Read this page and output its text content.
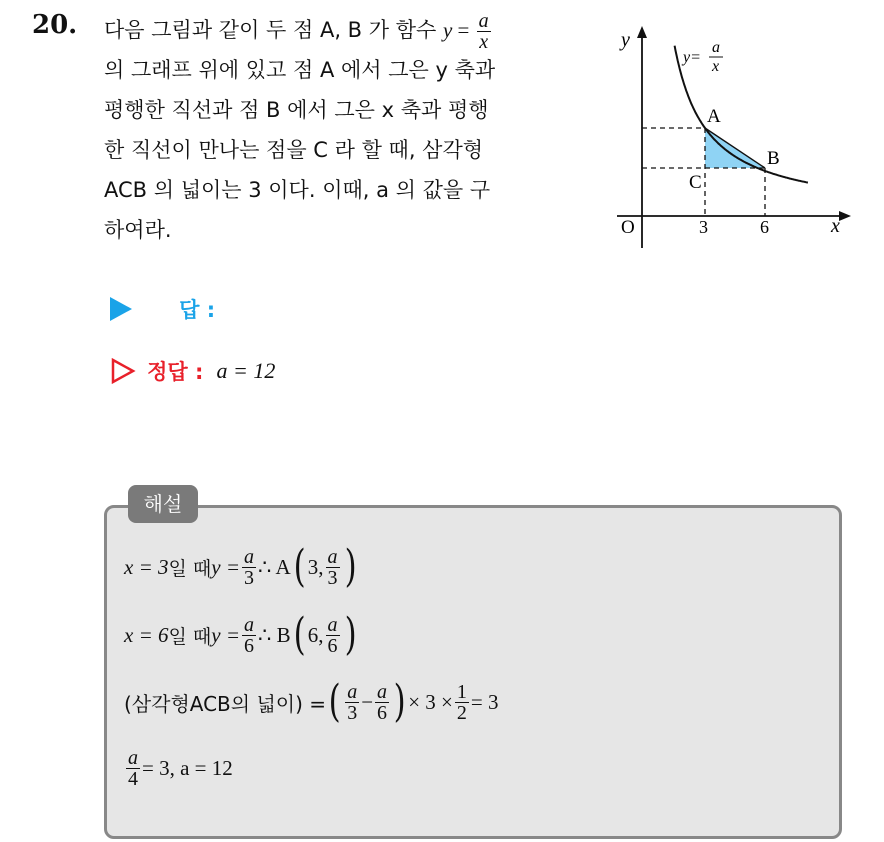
20. 다음 그림과 같이 두 점 A, B 가 함수 $y = \frac{a}{x}$
의 그래프 위에 있고 점 A 에서 그은 y 축과
평행한 직선과 점 B 에서 그은 x 축과 평행
한 직선이 만나는 점을 C 라 할 때, 삼각형
ACB 의 넓이는 3 이다. 이때, a 의 값을 구
하여라.
y
x
O	3	6
A
B
C
y=
a
x
답 :
정답 : a = 12
해설
x = 3 일 때 $y = \frac{a}{3}$ ∴ A ( 3, $\frac{a}{3}$ )
x = 6 일 때 $y = \frac{a}{6}$ ∴ B ( 6, $\frac{a}{6}$ )
(삼각형ACB의 넓이) = ( $\frac{a}{3} - \frac{a}{6}$ ) × $3 \times \frac{1}{2} = 3$
$\frac{a}{4} = 3$, a = 12
